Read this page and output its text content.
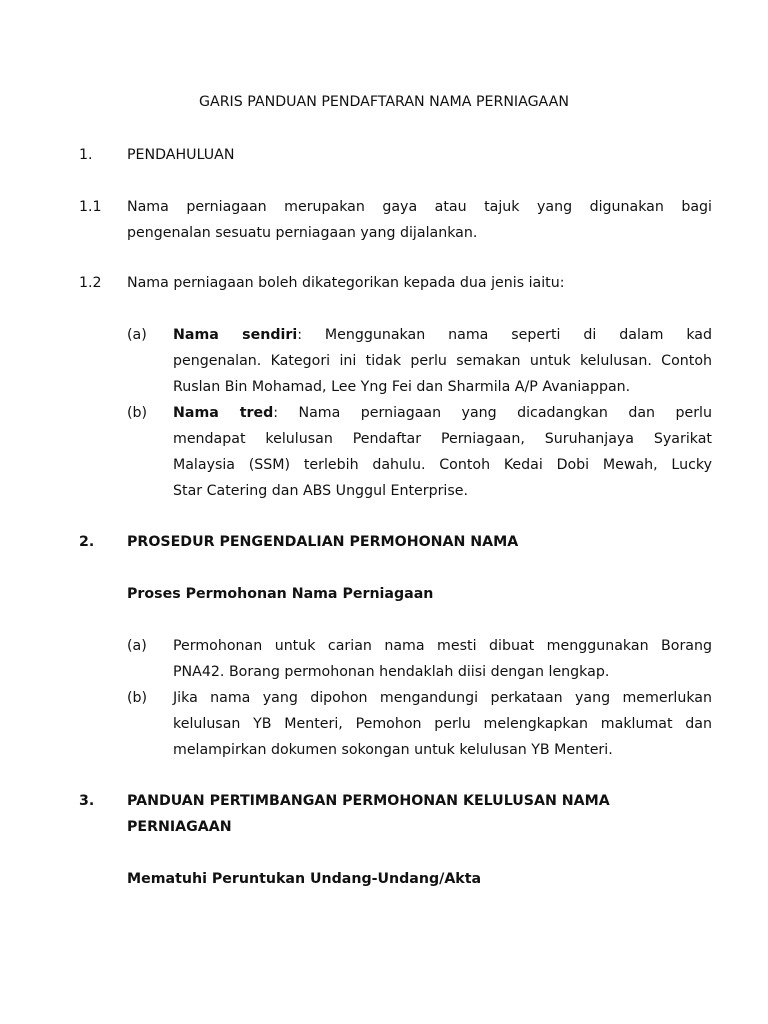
GARIS PANDUAN PENDAFTARAN NAMA PERNIAGAAN
1. PENDAHULUAN
1.1 Nama perniagaan merupakan gaya atau tajuk yang digunakan bagi
pengenalan sesuatu perniagaan yang dijalankan.
1.2 Nama perniagaan boleh dikategorikan kepada dua jenis iaitu:
(a) Nama sendiri: Menggunakan nama seperti di dalam kad
pengenalan. Kategori ini tidak perlu semakan untuk kelulusan. Contoh
Ruslan Bin Mohamad, Lee Yng Fei dan Sharmila A/P Avaniappan.
(b) Nama tred: Nama perniagaan yang dicadangkan dan perlu
mendapat kelulusan Pendaftar Perniagaan, Suruhanjaya Syarikat
Malaysia (SSM) terlebih dahulu. Contoh Kedai Dobi Mewah, Lucky
Star Catering dan ABS Unggul Enterprise.
2. PROSEDUR PENGENDALIAN PERMOHONAN NAMA
Proses Permohonan Nama Perniagaan
(a) Permohonan untuk carian nama mesti dibuat menggunakan Borang
PNA42. Borang permohonan hendaklah diisi dengan lengkap.
(b) Jika nama yang dipohon mengandungi perkataan yang memerlukan
kelulusan YB Menteri, Pemohon perlu melengkapkan maklumat dan
melampirkan dokumen sokongan untuk kelulusan YB Menteri.
3. PANDUAN PERTIMBANGAN PERMOHONAN KELULUSAN NAMA
PERNIAGAAN
Mematuhi Peruntukan Undang-Undang/Akta
